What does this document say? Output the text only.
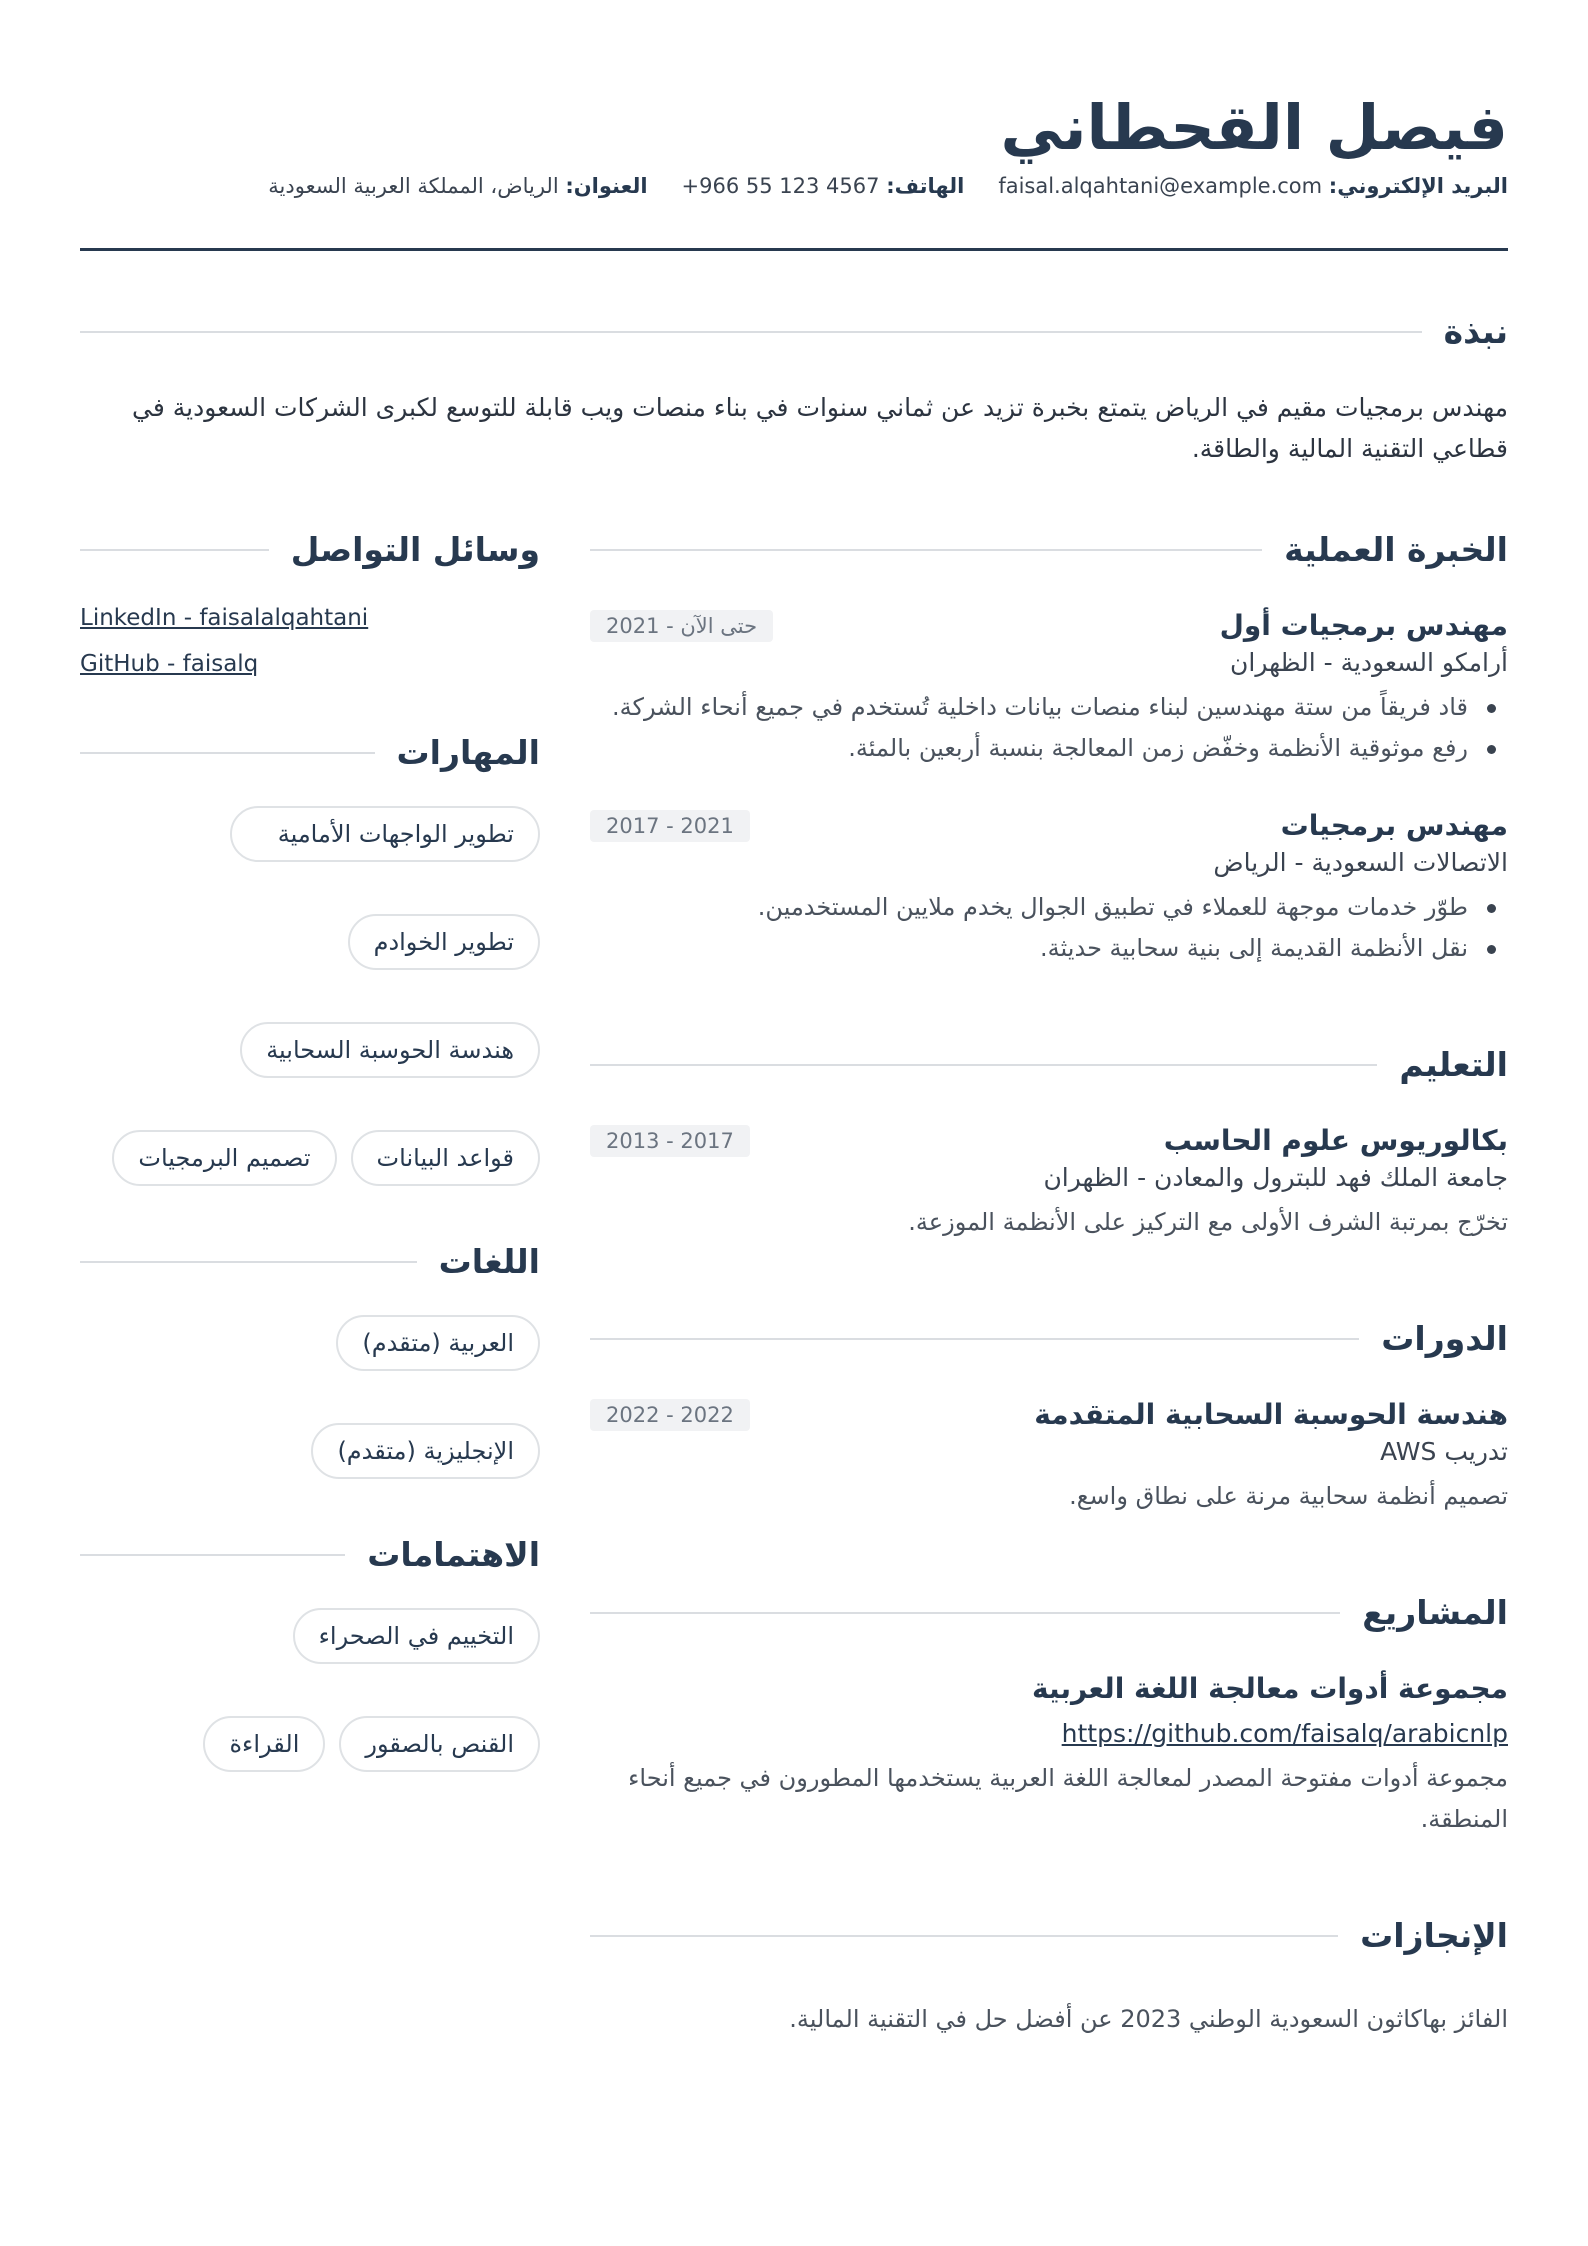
فيصل القحطاني
البريد الإلكتروني: faisal.alqahtani@example.com
الهاتف: +966 55 123 4567
العنوان: الرياض، المملكة العربية السعودية
نبذة

مهندس برمجيات مقيم في الرياض يتمتع بخبرة تزيد عن ثماني سنوات في بناء منصات ويب قابلة للتوسع لكبرى الشركات السعودية في قطاعي التقنية المالية والطاقة.

الخبرة العملية
مهندس برمجيات أول
2021 - حتى الآن
أرامكو السعودية - الظهران
قاد فريقاً من ستة مهندسين لبناء منصات بيانات داخلية تُستخدم في جميع أنحاء الشركة.
رفع موثوقية الأنظمة وخفّض زمن المعالجة بنسبة أربعين بالمئة.
مهندس برمجيات
2017 - 2021
الاتصالات السعودية - الرياض
طوّر خدمات موجهة للعملاء في تطبيق الجوال يخدم ملايين المستخدمين.
نقل الأنظمة القديمة إلى بنية سحابية حديثة.
التعليم
بكالوريوس علوم الحاسب
2013 - 2017
جامعة الملك فهد للبترول والمعادن - الظهران
تخرّج بمرتبة الشرف الأولى مع التركيز على الأنظمة الموزعة.
الدورات
هندسة الحوسبة السحابية المتقدمة
2022 - 2022
تدريب AWS
تصميم أنظمة سحابية مرنة على نطاق واسع.
المشاريع
مجموعة أدوات معالجة اللغة العربية
https://github.com/faisalq/arabicnlp
مجموعة أدوات مفتوحة المصدر لمعالجة اللغة العربية يستخدمها المطورون في جميع أنحاء المنطقة.
الإنجازات
الفائز بهاكاثون السعودية الوطني 2023 عن أفضل حل في التقنية المالية.
وسائل التواصل
LinkedIn - faisalalqahtani
GitHub - faisalq
المهارات
تطوير الواجهات الأمامية
تطوير الخوادم
هندسة الحوسبة السحابية
قواعد البيانات
تصميم البرمجيات
اللغات
العربية (متقدم)
الإنجليزية (متقدم)
الاهتمامات
التخييم في الصحراء
القنص بالصقور
القراءة
